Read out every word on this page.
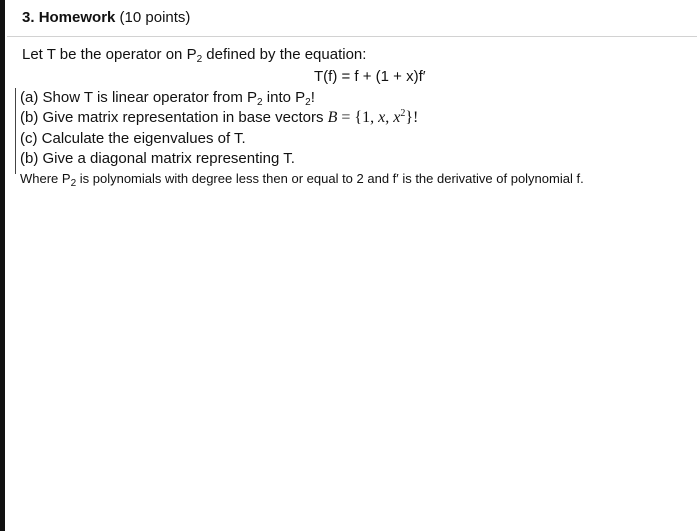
3. Homework (10 points)
Let T be the operator on $P_2$ defined by the equation:
T(f) = f + (1 + x)f′
(a) Show T is linear operator from $P_2$ into $P_2$!
(b) Give matrix representation in base vectors B = {1, x, $x^2$}!
(c) Calculate the eigenvalues of T.
(b) Give a diagonal matrix representing T.
Where $P_2$ is polynomials with degree less then or equal to 2 and f′ is the derivative of polynomial f.
